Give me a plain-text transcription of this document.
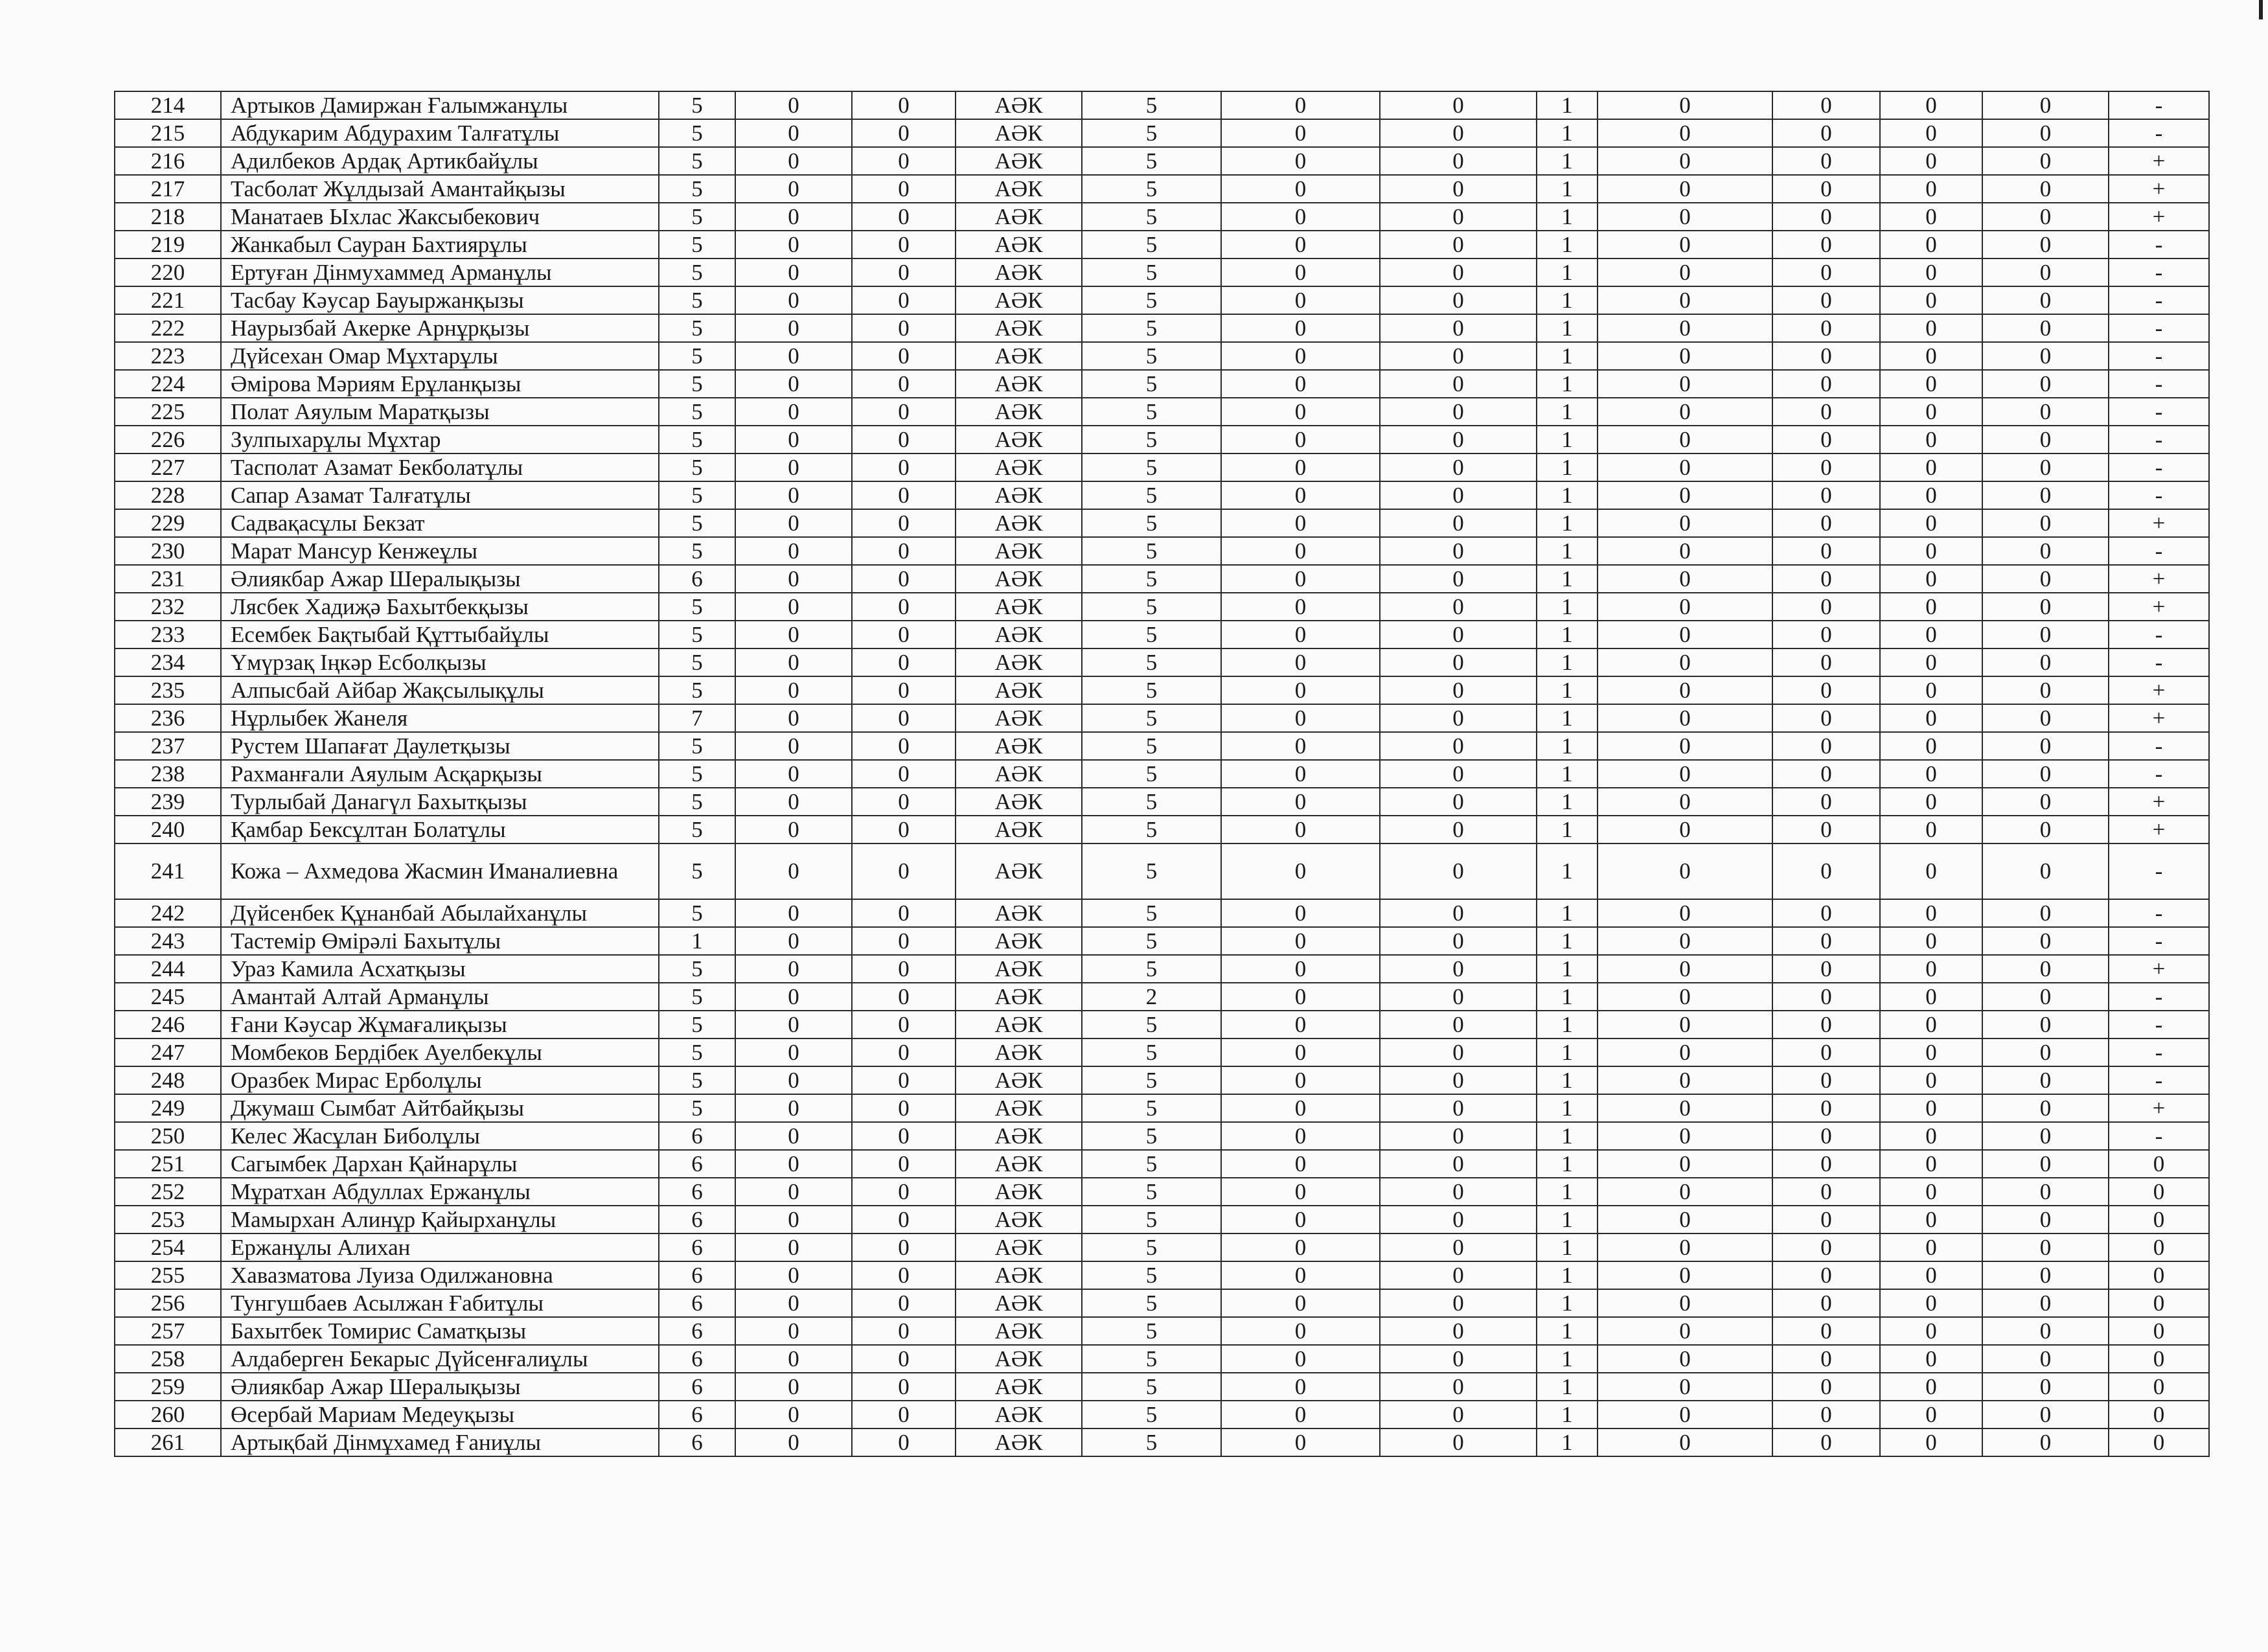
214	Артыков Дамиржан Ғалымжанұлы	5	0	0	АӘК	5	0	0	1	0	0	0	0	-
215	Абдукарим Абдурахим Талғатұлы	5	0	0	АӘК	5	0	0	1	0	0	0	0	-
216	Адилбеков Ардақ Артикбайұлы	5	0	0	АӘК	5	0	0	1	0	0	0	0	+
217	Тасболат Жұлдызай Амантайқызы	5	0	0	АӘК	5	0	0	1	0	0	0	0	+
218	Манатаев Ыхлас Жаксыбекович	5	0	0	АӘК	5	0	0	1	0	0	0	0	+
219	Жанкабыл Сауран Бахтиярұлы	5	0	0	АӘК	5	0	0	1	0	0	0	0	-
220	Ертуған Дінмухаммед Арманұлы	5	0	0	АӘК	5	0	0	1	0	0	0	0	-
221	Тасбау Кәусар Бауыржанқызы	5	0	0	АӘК	5	0	0	1	0	0	0	0	-
222	Наурызбай Акерке Арнұрқызы	5	0	0	АӘК	5	0	0	1	0	0	0	0	-
223	Дүйсехан Омар Мұхтарұлы	5	0	0	АӘК	5	0	0	1	0	0	0	0	-
224	Әмірова Мәриям Ерұланқызы	5	0	0	АӘК	5	0	0	1	0	0	0	0	-
225	Полат Аяулым Маратқызы	5	0	0	АӘК	5	0	0	1	0	0	0	0	-
226	Зулпыхарұлы Мұхтар	5	0	0	АӘК	5	0	0	1	0	0	0	0	-
227	Тасполат Азамат Бекболатұлы	5	0	0	АӘК	5	0	0	1	0	0	0	0	-
228	Сапар Азамат Талғатұлы	5	0	0	АӘК	5	0	0	1	0	0	0	0	-
229	Садвақасұлы Бекзат	5	0	0	АӘК	5	0	0	1	0	0	0	0	+
230	Марат Мансур Кенжеұлы	5	0	0	АӘК	5	0	0	1	0	0	0	0	-
231	Әлиякбар Ажар Шералықызы	6	0	0	АӘК	5	0	0	1	0	0	0	0	+
232	Лясбек Хадиҗә Бахытбекқызы	5	0	0	АӘК	5	0	0	1	0	0	0	0	+
233	Есембек Бақтыбай Құттыбайұлы	5	0	0	АӘК	5	0	0	1	0	0	0	0	-
234	Үмүрзақ Іңкәр Есболқызы	5	0	0	АӘК	5	0	0	1	0	0	0	0	-
235	Алпысбай Айбар Жақсылықұлы	5	0	0	АӘК	5	0	0	1	0	0	0	0	+
236	Нұрлыбек Жанеля	7	0	0	АӘК	5	0	0	1	0	0	0	0	+
237	Рустем Шапағат Даулетқызы	5	0	0	АӘК	5	0	0	1	0	0	0	0	-
238	Рахманғали Аяулым Асқарқызы	5	0	0	АӘК	5	0	0	1	0	0	0	0	-
239	Турлыбай Данагүл Бахытқызы	5	0	0	АӘК	5	0	0	1	0	0	0	0	+
240	Қамбар Бексұлтан Болатұлы	5	0	0	АӘК	5	0	0	1	0	0	0	0	+
241	Кожа – Ахмедова Жасмин Иманалиевна	5	0	0	АӘК	5	0	0	1	0	0	0	0	-
242	Дүйсенбек Құнанбай Абылайханұлы	5	0	0	АӘК	5	0	0	1	0	0	0	0	-
243	Тастемір Өмірәлі Бахытұлы	1	0	0	АӘК	5	0	0	1	0	0	0	0	-
244	Ураз Камила Асхатқызы	5	0	0	АӘК	5	0	0	1	0	0	0	0	+
245	Амантай Алтай Арманұлы	5	0	0	АӘК	2	0	0	1	0	0	0	0	-
246	Ғани Кәусар Жұмағалиқызы	5	0	0	АӘК	5	0	0	1	0	0	0	0	-
247	Момбеков Бердібек Ауелбекұлы	5	0	0	АӘК	5	0	0	1	0	0	0	0	-
248	Оразбек Мирас Ерболұлы	5	0	0	АӘК	5	0	0	1	0	0	0	0	-
249	Джумаш Сымбат Айтбайқызы	5	0	0	АӘК	5	0	0	1	0	0	0	0	+
250	Келес Жасұлан Биболұлы	6	0	0	АӘК	5	0	0	1	0	0	0	0	-
251	Сагымбек Дархан Қайнарұлы	6	0	0	АӘК	5	0	0	1	0	0	0	0	0
252	Мұратхан Абдуллах Ержанұлы	6	0	0	АӘК	5	0	0	1	0	0	0	0	0
253	Мамырхан Алинұр Қайырханұлы	6	0	0	АӘК	5	0	0	1	0	0	0	0	0
254	Ержанұлы Алихан	6	0	0	АӘК	5	0	0	1	0	0	0	0	0
255	Хавазматова Луиза Одилжановна	6	0	0	АӘК	5	0	0	1	0	0	0	0	0
256	Тунгушбаев Асылжан Ғабитұлы	6	0	0	АӘК	5	0	0	1	0	0	0	0	0
257	Бахытбек Томирис Саматқызы	6	0	0	АӘК	5	0	0	1	0	0	0	0	0
258	Алдаберген Бекарыс Дүйсенғалиұлы	6	0	0	АӘК	5	0	0	1	0	0	0	0	0
259	Әлиякбар Ажар Шералықызы	6	0	0	АӘК	5	0	0	1	0	0	0	0	0
260	Өсербай Мариам Медеуқызы	6	0	0	АӘК	5	0	0	1	0	0	0	0	0
261	Артықбай Дінмұхамед Ғаниұлы	6	0	0	АӘК	5	0	0	1	0	0	0	0	0
